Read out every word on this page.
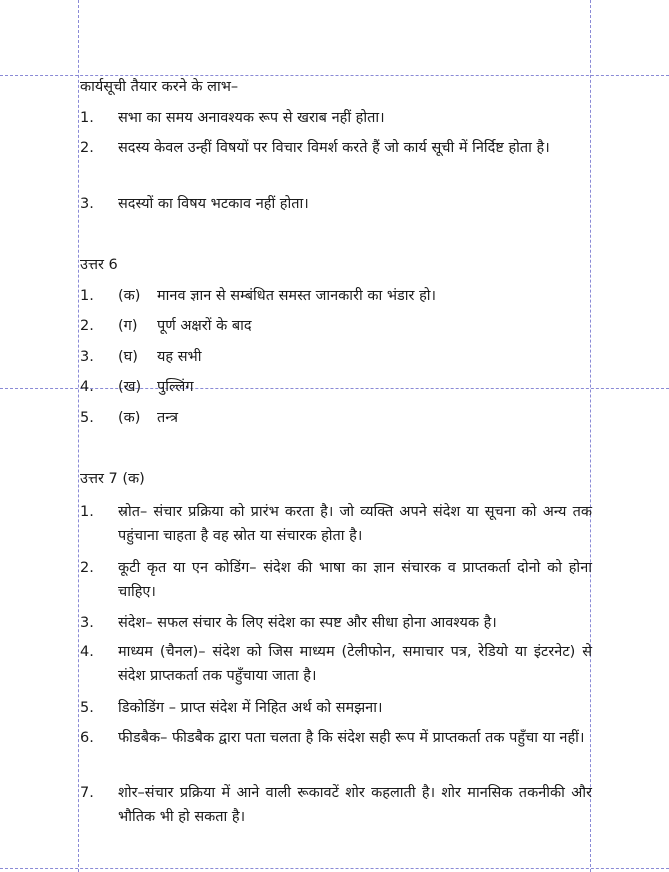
कार्यसूची तैयार करने के लाभ–
1. सभा का समय अनावश्यक रूप से खराब नहीं होता।
2. सदस्य केवल उन्हीं विषयों पर विचार विमर्श करते हैं जो कार्य सूची में निर्दिष्ट होता है।
3. सदस्यों का विषय भटकाव नहीं होता।
उत्तर 6
1. (क) मानव ज्ञान से सम्बंधित समस्त जानकारी का भंडार हो।
2. (ग) पूर्ण अक्षरों के बाद
3. (घ) यह सभी
4. (ख) पुल्लिंग
5. (क) तन्त्र
उत्तर 7 (क)
1. स्रोत– संचार प्रक्रिया को प्रारंभ करता है। जो व्यक्ति अपने संदेश या सूचना को अन्य तक पहुंचाना चाहता है वह स्रोत या संचारक होता है।
2. कूटी कृत या एन कोडिंग– संदेश की भाषा का ज्ञान संचारक व प्राप्तकर्ता दोनो को होना चाहिए।
3. संदेश– सफल संचार के लिए संदेश का स्पष्ट और सीधा होना आवश्यक है।
4. माध्यम (चैनल)– संदेश को जिस माध्यम (टेलीफोन, समाचार पत्र, रेडियो या इंटरनेट) से संदेश प्राप्तकर्ता तक पहुँचाया जाता है।
5. डिकोडिंग – प्राप्त संदेश में निहित अर्थ को समझना।
6. फीडबैक– फीडबैक द्वारा पता चलता है कि संदेश सही रूप में प्राप्तकर्ता तक पहुँचा या नहीं।
7. शोर–संचार प्रक्रिया में आने वाली रूकावटें शोर कहलाती है। शोर मानसिक तकनीकी और भौतिक भी हो सकता है।
